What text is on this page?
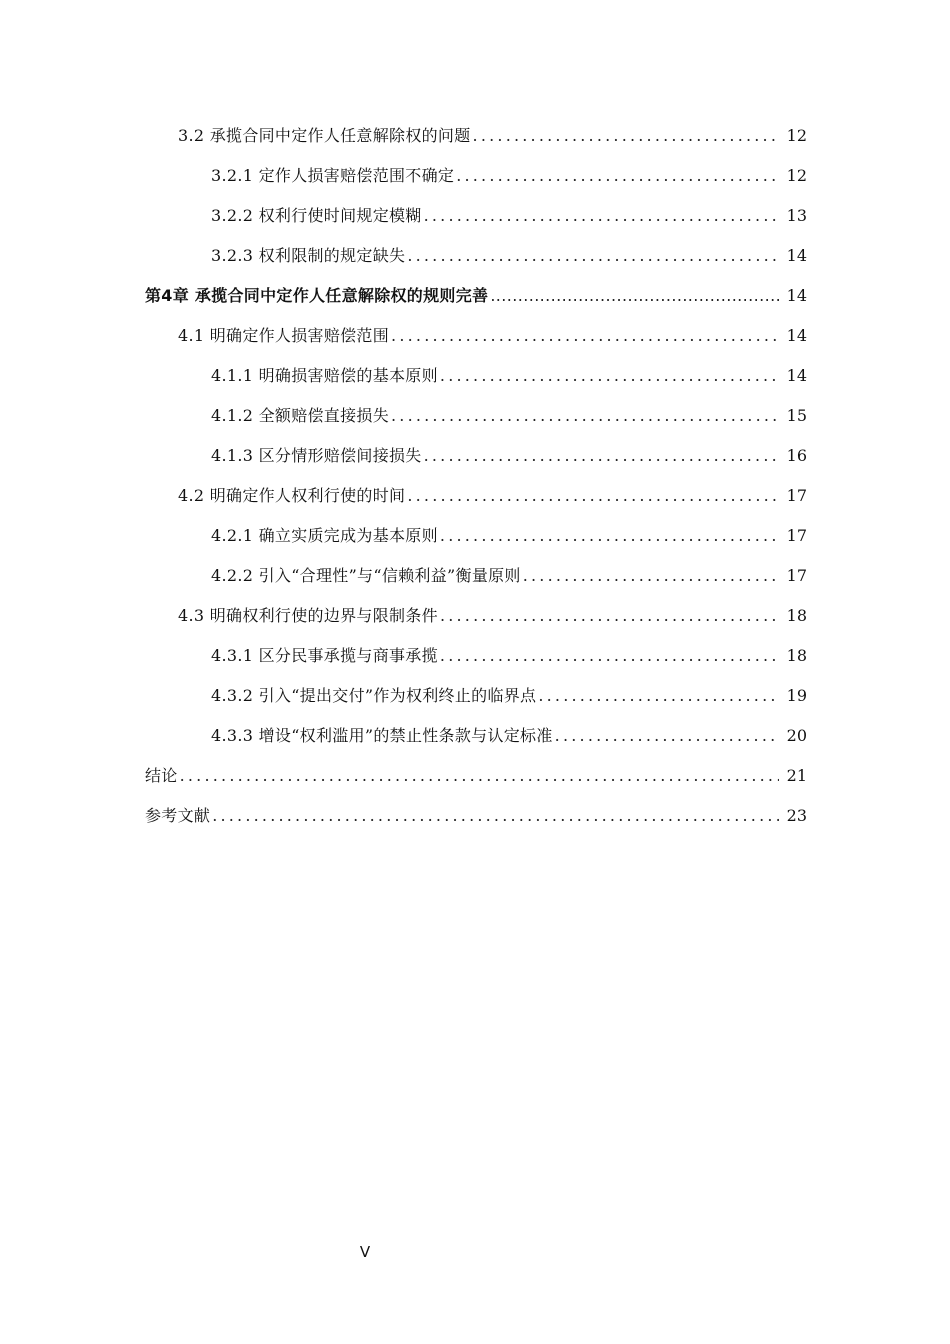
3.2 承揽合同中定作人任意解除权的问题 .....	12
3.2.1 定作人损害赔偿范围不确定 .....	12
3.2.2 权利行使时间规定模糊 .....	13
3.2.3 权利限制的规定缺失 .....	14
第4章 承揽合同中定作人任意解除权的规则完善 .....	14
4.1 明确定作人损害赔偿范围 .....	14
4.1.1 明确损害赔偿的基本原则 .....	14
4.1.2 全额赔偿直接损失 .....	15
4.1.3 区分情形赔偿间接损失 .....	16
4.2 明确定作人权利行使的时间 .....	17
4.2.1 确立实质完成为基本原则 .....	17
4.2.2 引入“合理性”与“信赖利益”衡量原则 .....	17
4.3 明确权利行使的边界与限制条件 .....	18
4.3.1 区分民事承揽与商事承揽 .....	18
4.3.2 引入“提出交付”作为权利终止的临界点 .....	19
4.3.3 增设“权利滥用”的禁止性条款与认定标准 .....	20
结论 .....	21
参考文献 .....	23
V
